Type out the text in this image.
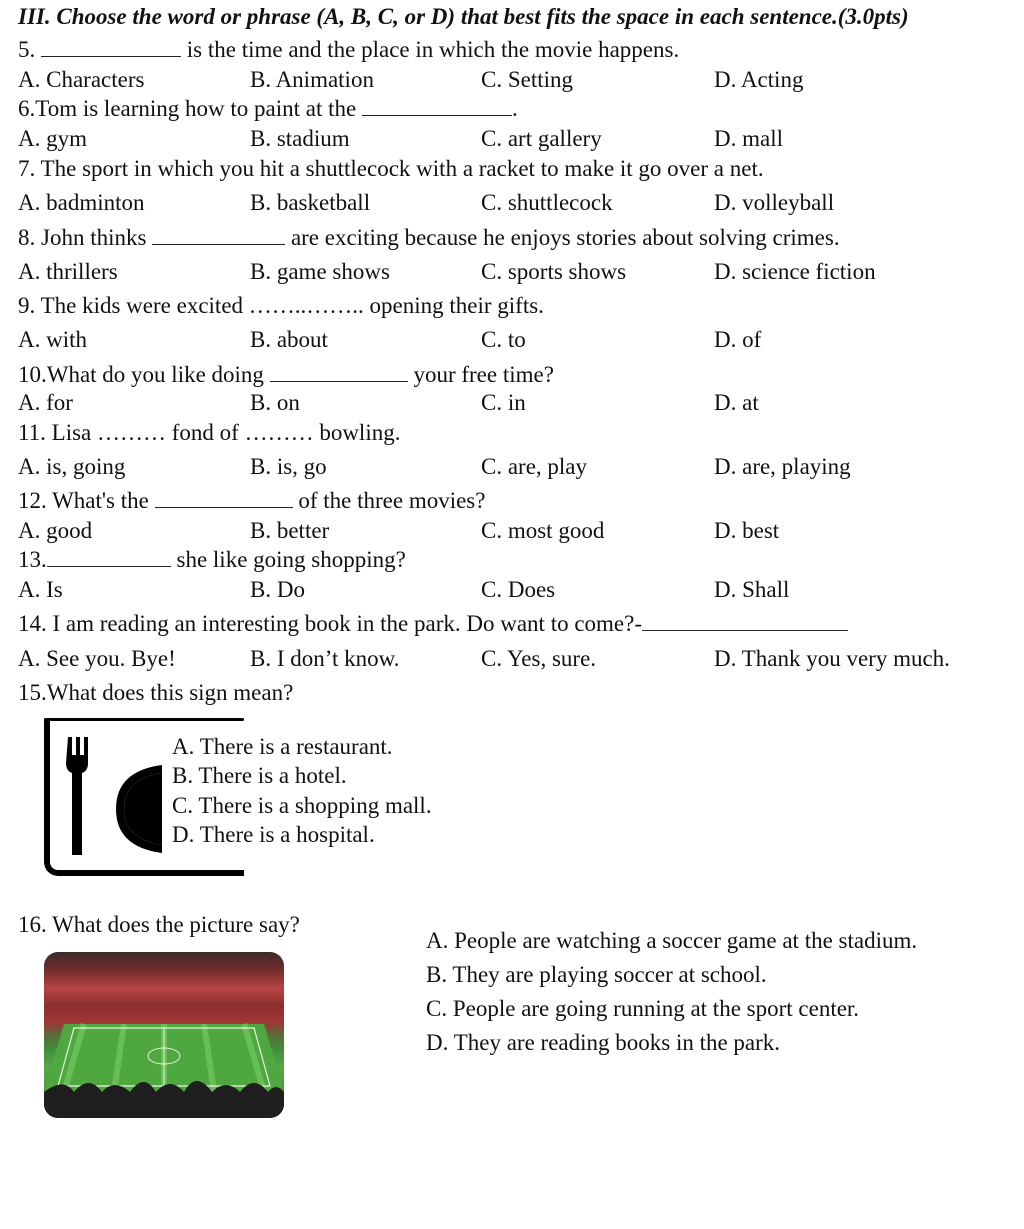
III. Choose the word or phrase (A, B, C, or D) that best fits the space in each sentence.(3.0pts)
5.	is the time and the place in which the movie happens.
A. Characters	B. Animation	C. Setting	D. Acting
6.Tom is learning how to paint at the	.
A. gym	B. stadium	C. art gallery	D. mall
7. The sport in which you hit a shuttlecock with a racket to make it go over a net.
A. badminton	B. basketball	C. shuttlecock	D. volleyball
8. John thinks	are exciting because he enjoys stories about solving crimes.
A. thrillers	B. game shows	C. sports shows	D. science fiction
9. The kids were excited ……..…….. opening their gifts.
A. with	B. about	C. to	D. of
10.What do you like doing	your free time?
A. for	B. on	C. in	D. at
11. Lisa ……… fond of ……… bowling.
A. is, going	B. is, go	C. are, play	D. are, playing
12. What's the	of the three movies?
A. good	B. better	C. most good	D. best
13.	she like going shopping?
A. Is	B. Do	C. Does	D. Shall
14. I am reading an interesting book in the park. Do want to come?-
A. See you. Bye!	B. I don’t know.	C. Yes, sure.	D. Thank you very much.
15.What does this sign mean?
A. There is a restaurant.
B. There is a hotel.
C. There is a shopping mall.
D. There is a hospital.
16. What does the picture say?
A. People are watching a soccer game at the stadium.
B. They are playing soccer at school.
C. People are going running at the sport center.
D. They are reading books in the park.
